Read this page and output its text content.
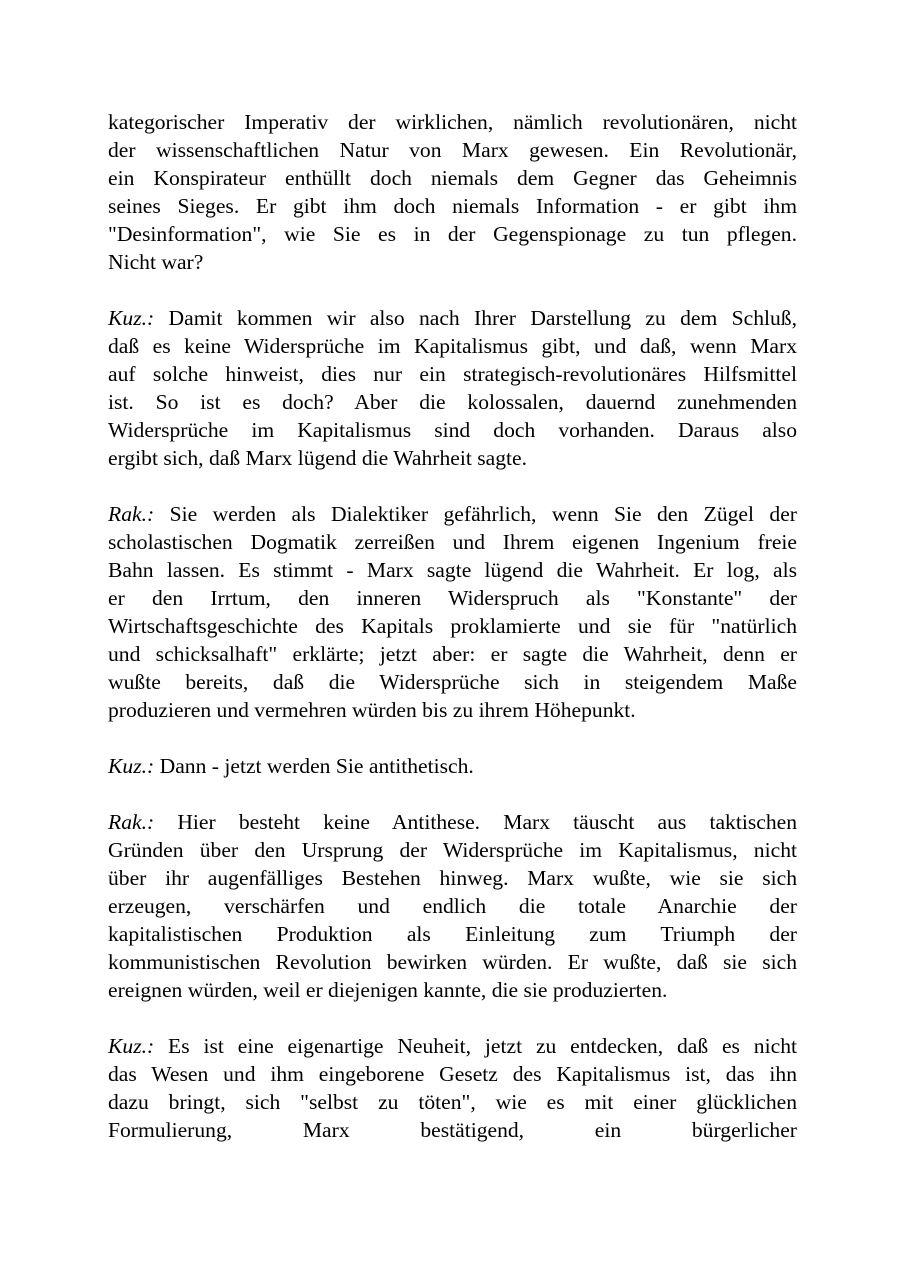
kategorischer Imperativ der wirklichen, nämlich revolutionären, nicht
der wissenschaftlichen Natur von Marx gewesen. Ein Revolutionär,
ein Konspirateur enthüllt doch niemals dem Gegner das Geheimnis
seines Sieges. Er gibt ihm doch niemals Information - er gibt ihm
"Desinformation", wie Sie es in der Gegenspionage zu tun pflegen.
Nicht war?
Kuz.: Damit kommen wir also nach Ihrer Darstellung zu dem Schluß,
daß es keine Widersprüche im Kapitalismus gibt, und daß, wenn Marx
auf solche hinweist, dies nur ein strategisch-revolutionäres Hilfsmittel
ist. So ist es doch? Aber die kolossalen, dauernd zunehmenden
Widersprüche im Kapitalismus sind doch vorhanden. Daraus also
ergibt sich, daß Marx lügend die Wahrheit sagte.
Rak.: Sie werden als Dialektiker gefährlich, wenn Sie den Zügel der
scholastischen Dogmatik zerreißen und Ihrem eigenen Ingenium freie
Bahn lassen. Es stimmt - Marx sagte lügend die Wahrheit. Er log, als
er den Irrtum, den inneren Widerspruch als "Konstante" der
Wirtschaftsgeschichte des Kapitals proklamierte und sie für "natürlich
und schicksalhaft" erklärte; jetzt aber: er sagte die Wahrheit, denn er
wußte bereits, daß die Widersprüche sich in steigendem Maße
produzieren und vermehren würden bis zu ihrem Höhepunkt.
Kuz.: Dann - jetzt werden Sie antithetisch.
Rak.: Hier besteht keine Antithese. Marx täuscht aus taktischen
Gründen über den Ursprung der Widersprüche im Kapitalismus, nicht
über ihr augenfälliges Bestehen hinweg. Marx wußte, wie sie sich
erzeugen, verschärfen und endlich die totale Anarchie der
kapitalistischen Produktion als Einleitung zum Triumph der
kommunistischen Revolution bewirken würden. Er wußte, daß sie sich
ereignen würden, weil er diejenigen kannte, die sie produzierten.
Kuz.: Es ist eine eigenartige Neuheit, jetzt zu entdecken, daß es nicht
das Wesen und ihm eingeborene Gesetz des Kapitalismus ist, das ihn
dazu bringt, sich "selbst zu töten", wie es mit einer glücklichen
Formulierung, Marx bestätigend, ein bürgerlicher
